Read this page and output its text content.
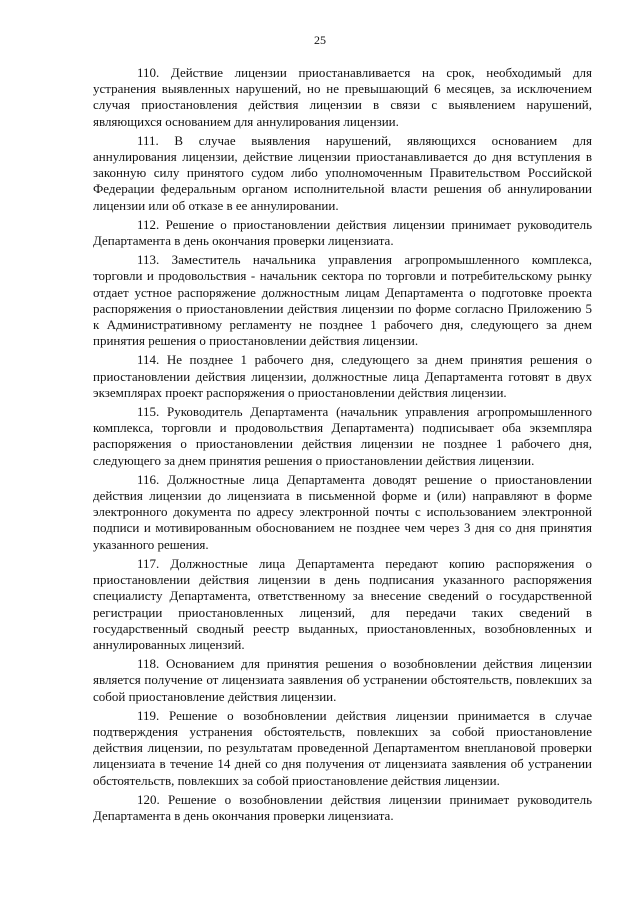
25

110. Действие лицензии приостанавливается на срок, необходимый для устранения выявленных нарушений, но не превышающий 6 месяцев, за исключением случая приостановления действия лицензии в связи с выявлением нарушений, являющихся основанием для аннулирования лицензии.

111. В случае выявления нарушений, являющихся основанием для аннулирования лицензии, действие лицензии приостанавливается до дня вступления в законную силу принятого судом либо уполномоченным Правительством Российской Федерации федеральным органом исполнительной власти решения об аннулировании лицензии или об отказе в ее аннулировании.

112. Решение о приостановлении действия лицензии принимает руководитель Департамента в день окончания проверки лицензиата.

113. Заместитель начальника управления агропромышленного комплекса, торговли и продовольствия - начальник сектора по торговли и потребительскому рынку отдает устное распоряжение должностным лицам Департамента о подготовке проекта распоряжения о приостановлении действия лицензии по форме согласно Приложению 5 к Административному регламенту не позднее 1 рабочего дня, следующего за днем принятия решения о приостановлении действия лицензии.

114. Не позднее 1 рабочего дня, следующего за днем принятия решения о приостановлении действия лицензии, должностные лица Департамента готовят в двух экземплярах проект распоряжения о приостановлении действия лицензии.

115. Руководитель Департамента (начальник управления агропромышленного комплекса, торговли и продовольствия Департамента) подписывает оба экземпляра распоряжения о приостановлении действия лицензии не позднее 1 рабочего дня, следующего за днем принятия решения о приостановлении действия лицензии.

116. Должностные лица Департамента доводят решение о приостановлении действия лицензии до лицензиата в письменной форме и (или) направляют в форме электронного документа по адресу электронной почты с использованием электронной подписи и мотивированным обоснованием не позднее чем через 3 дня со дня принятия указанного решения.

117. Должностные лица Департамента передают копию распоряжения о приостановлении действия лицензии в день подписания указанного распоряжения специалисту Департамента, ответственному за внесение сведений о государственной регистрации приостановленных лицензий, для передачи таких сведений в государственный сводный реестр выданных, приостановленных, возобновленных и аннулированных лицензий.

118. Основанием для принятия решения о возобновлении действия лицензии является получение от лицензиата заявления об устранении обстоятельств, повлекших за собой приостановление действия лицензии.

119. Решение о возобновлении действия лицензии принимается в случае подтверждения устранения обстоятельств, повлекших за собой приостановление действия лицензии, по результатам проведенной Департаментом внеплановой проверки лицензиата в течение 14 дней со дня получения от лицензиата заявления об устранении обстоятельств, повлекших за собой приостановление действия лицензии.

120. Решение о возобновлении действия лицензии принимает руководитель Департамента в день окончания проверки лицензиата.
